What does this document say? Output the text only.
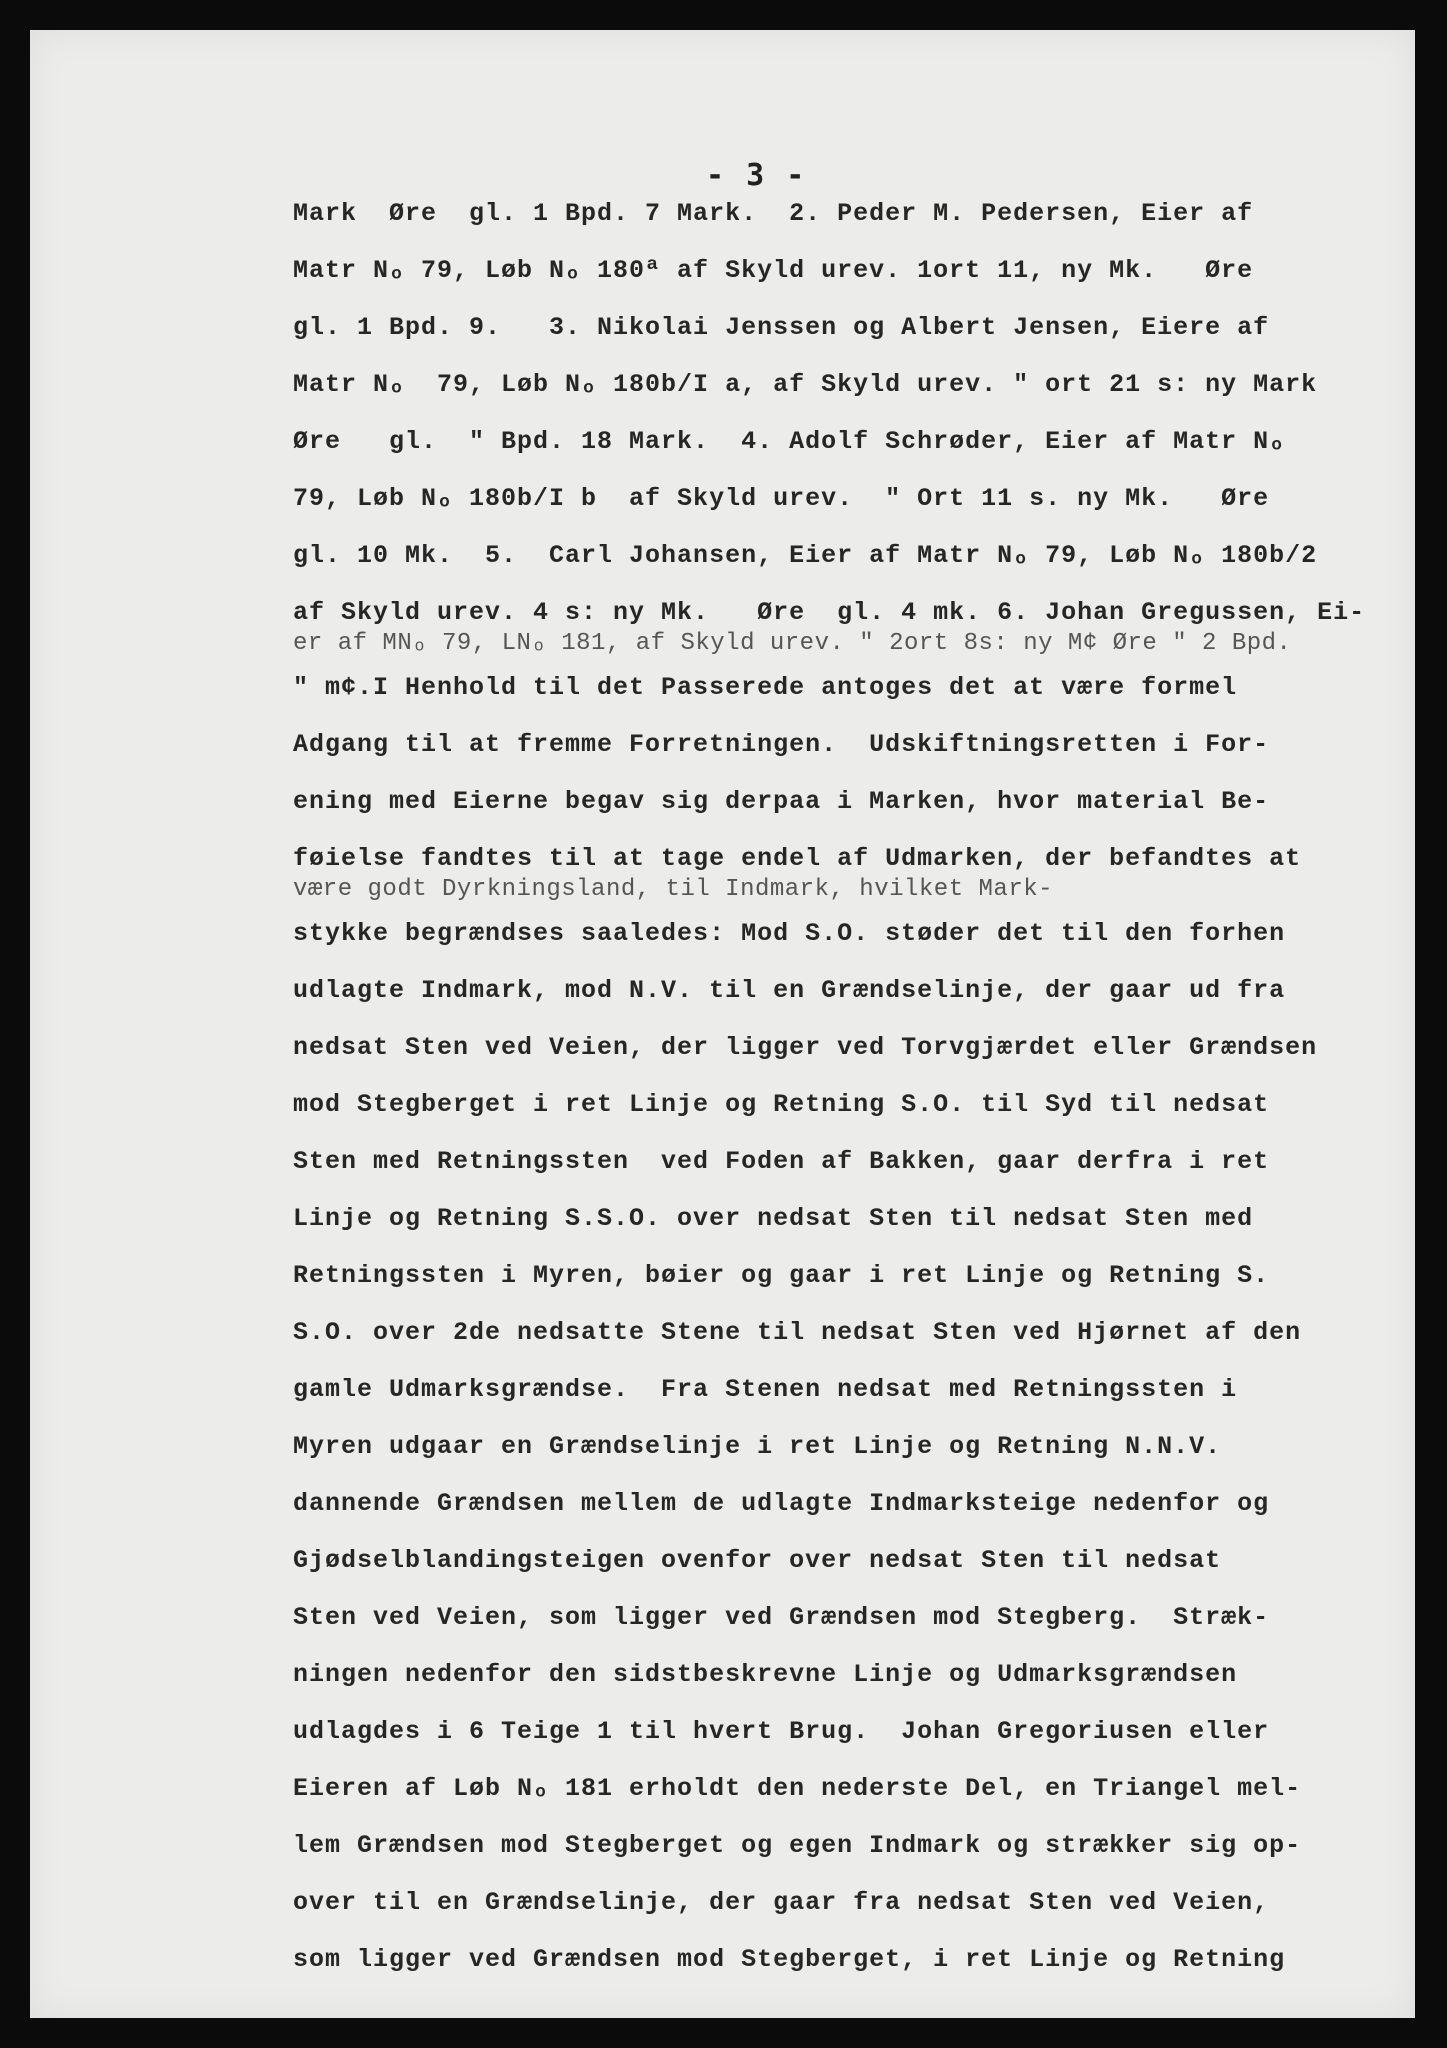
- 3 -
Mark  Øre  gl. 1 Bpd. 7 Mark.  2. Peder M. Pedersen, Eier af
Matr Nₒ 79, Løb Nₒ 180ª af Skyld urev. 1ort 11, ny Mk.   Øre
gl. 1 Bpd. 9.   3. Nikolai Jenssen og Albert Jensen, Eiere af
Matr Nₒ  79, Løb Nₒ 180b/I a, af Skyld urev. " ort 21 s: ny Mark
Øre   gl.  " Bpd. 18 Mark.  4. Adolf Schrøder, Eier af Matr Nₒ
79, Løb Nₒ 180b/I b  af Skyld urev.  " Ort 11 s. ny Mk.   Øre
gl. 10 Mk.  5.  Carl Johansen, Eier af Matr Nₒ 79, Løb Nₒ 180b/2
af Skyld urev. 4 s: ny Mk.   Øre  gl. 4 mk. 6. Johan Gregussen, Ei-
er af MNₒ 79, LNₒ 181, af Skyld urev. " 2ort 8s: ny M¢ Øre " 2 Bpd.
" m¢.I Henhold til det Passerede antoges det at være formel
Adgang til at fremme Forretningen.  Udskiftningsretten i For-
ening med Eierne begav sig derpaa i Marken, hvor material Be-
føielse fandtes til at tage endel af Udmarken, der befandtes at
være godt Dyrkningsland, til Indmark, hvilket Mark-
stykke begrændses saaledes: Mod S.O. støder det til den forhen
udlagte Indmark, mod N.V. til en Grændselinje, der gaar ud fra
nedsat Sten ved Veien, der ligger ved Torvgjærdet eller Grændsen
mod Stegberget i ret Linje og Retning S.O. til Syd til nedsat
Sten med Retningssten  ved Foden af Bakken, gaar derfra i ret
Linje og Retning S.S.O. over nedsat Sten til nedsat Sten med
Retningssten i Myren, bøier og gaar i ret Linje og Retning S.
S.O. over 2de nedsatte Stene til nedsat Sten ved Hjørnet af den
gamle Udmarksgrændse.  Fra Stenen nedsat med Retningssten i
Myren udgaar en Grændselinje i ret Linje og Retning N.N.V.
dannende Grændsen mellem de udlagte Indmarksteige nedenfor og
Gjødselblandingsteigen ovenfor over nedsat Sten til nedsat
Sten ved Veien, som ligger ved Grændsen mod Stegberg.  Stræk-
ningen nedenfor den sidstbeskrevne Linje og Udmarksgrændsen
udlagdes i 6 Teige 1 til hvert Brug.  Johan Gregoriusen eller
Eieren af Løb Nₒ 181 erholdt den nederste Del, en Triangel mel-
lem Grændsen mod Stegberget og egen Indmark og strækker sig op-
over til en Grændselinje, der gaar fra nedsat Sten ved Veien,
som ligger ved Grændsen mod Stegberget, i ret Linje og Retning
